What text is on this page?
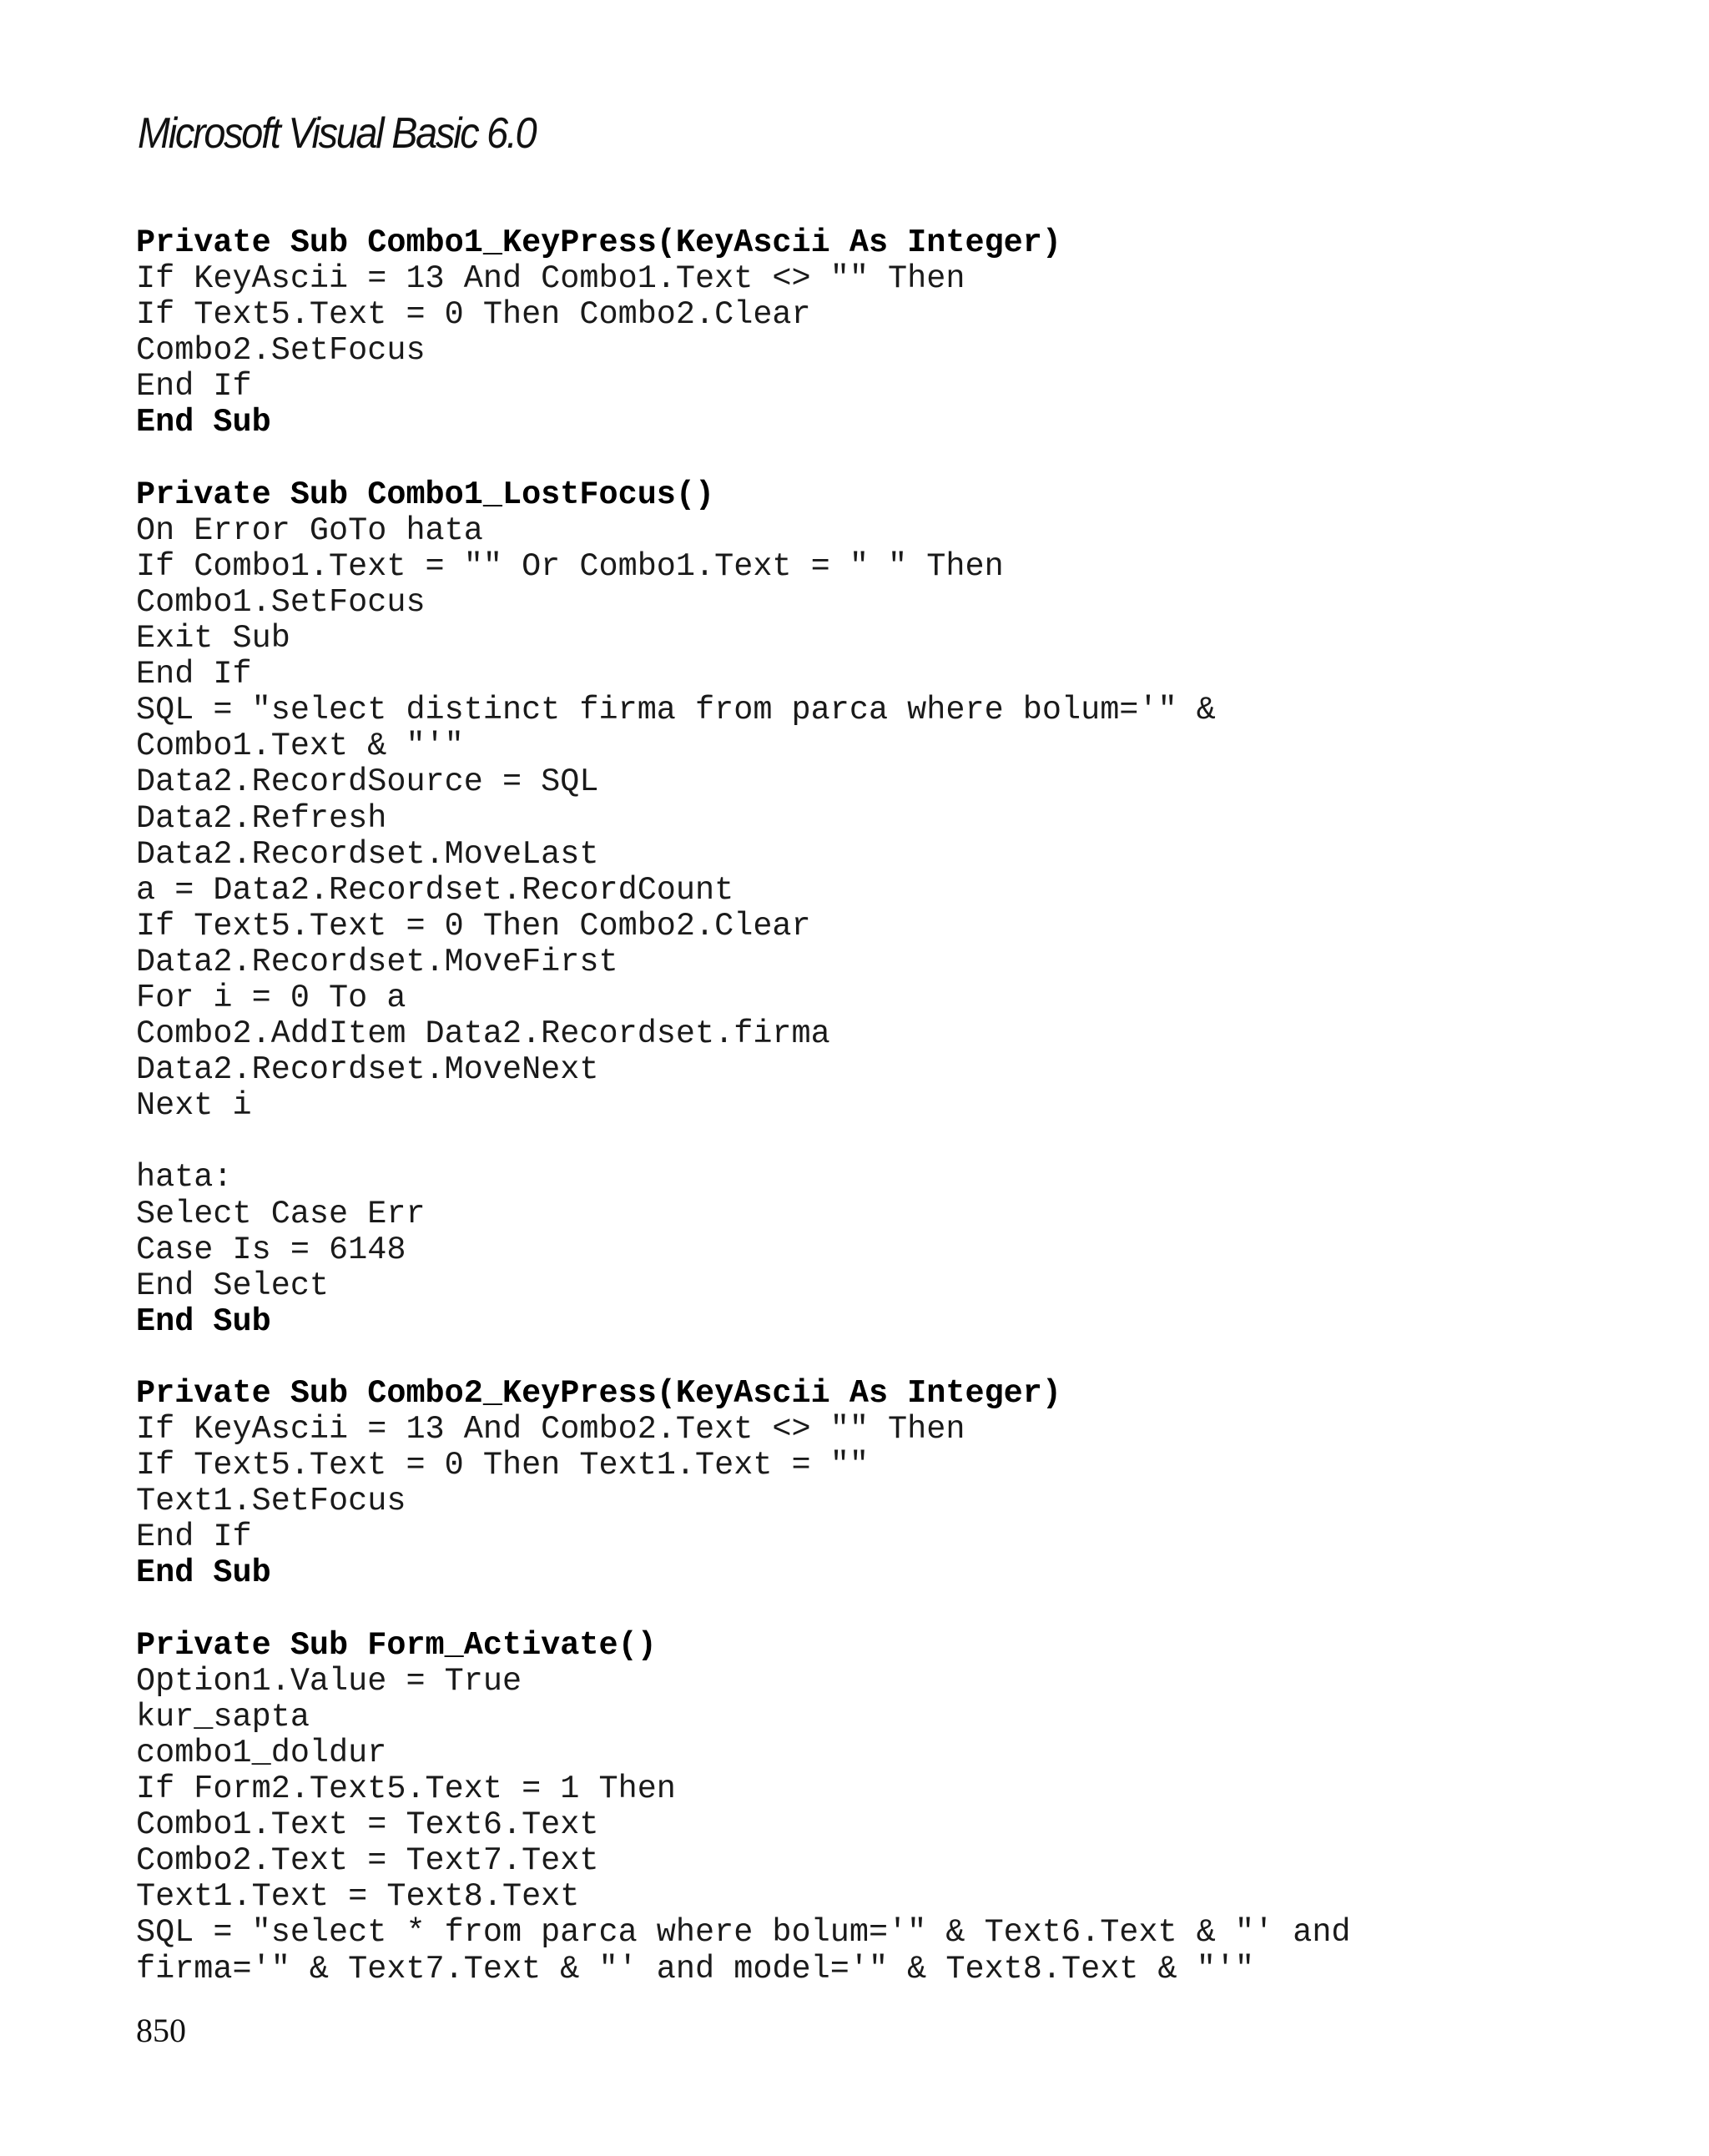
Microsoft Visual Basic 6.0
Private Sub Combo1_KeyPress(KeyAscii As Integer)
If KeyAscii = 13 And Combo1.Text <> "" Then
If Text5.Text = 0 Then Combo2.Clear
Combo2.SetFocus
End If
End Sub
Private Sub Combo1_LostFocus()
On Error GoTo hata
If Combo1.Text = "" Or Combo1.Text = " " Then
Combo1.SetFocus
Exit Sub
End If
SQL = "select distinct firma from parca where bolum='" &
Combo1.Text & "'"
Data2.RecordSource = SQL
Data2.Refresh
Data2.Recordset.MoveLast
a = Data2.Recordset.RecordCount
If Text5.Text = 0 Then Combo2.Clear
Data2.Recordset.MoveFirst
For i = 0 To a
Combo2.AddItem Data2.Recordset.firma
Data2.Recordset.MoveNext
Next i
hata:
Select Case Err
Case Is = 6148
End Select
End Sub
Private Sub Combo2_KeyPress(KeyAscii As Integer)
If KeyAscii = 13 And Combo2.Text <> "" Then
If Text5.Text = 0 Then Text1.Text = ""
Text1.SetFocus
End If
End Sub
Private Sub Form_Activate()
Option1.Value = True
kur_sapta
combo1_doldur
If Form2.Text5.Text = 1 Then
Combo1.Text = Text6.Text
Combo2.Text = Text7.Text
Text1.Text = Text8.Text
SQL = "select * from parca where bolum='" & Text6.Text & "' and
firma='" & Text7.Text & "' and model='" & Text8.Text & "'"
850
